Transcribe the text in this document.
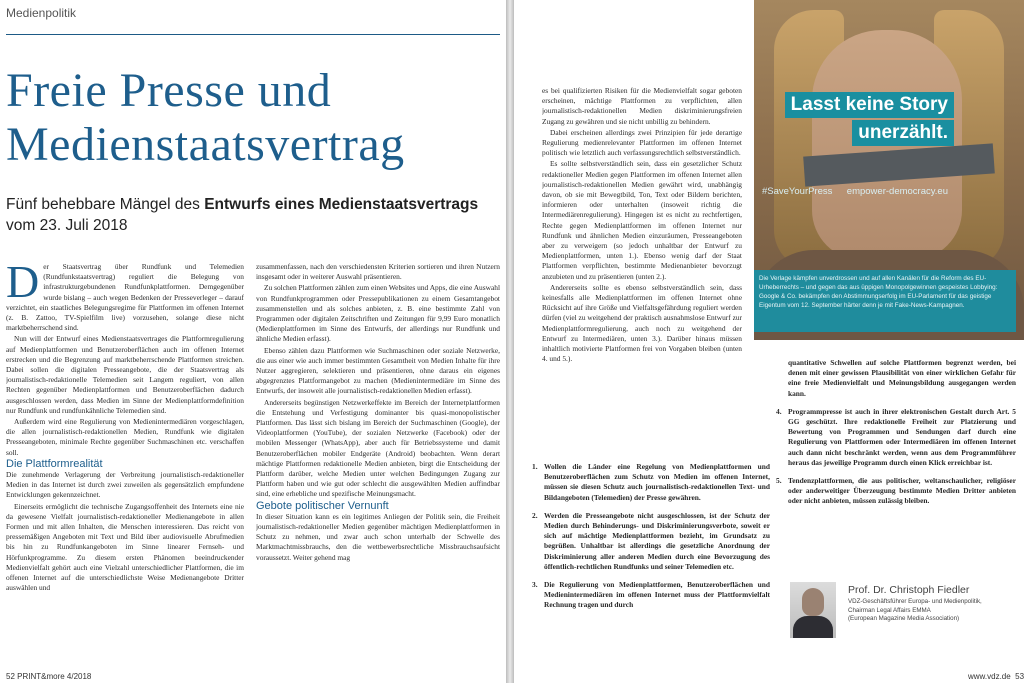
Medienpolitik
Freie Presse und
Medienstaatsvertrag

Fünf behebbare Mängel des Entwurfs eines Medienstaatsvertrags
vom 23. Juli 2018

Der Staatsvertrag über Rundfunk und Telemedien (Rundfunkstaatsvertrag) reguliert die Belegung von infrastrukturgebundenen Rundfunkplattformen. Demgegenüber wurde bislang – auch wegen Bedenken der Presseverleger – darauf verzichtet, ein staatliches Belegungsregime für Plattformen im offenen Internet (z. B. Zattoo, TV-Spielfilm live) vorzusehen, solange diese nicht marktbeherrschend sind.

Nun will der Entwurf eines Medienstaatsvertrages die Plattformregulierung auf Medienplattformen und Benutzeroberflächen auch im offenen Internet erstrecken und die Begrenzung auf marktbeherrschende Plattformen streichen. Dabei sollen die digitalen Presseangebote, die der Staatsvertrag als journalistisch-redaktionelle Telemedien seit Langem reguliert, von allen Rechten gegenüber Medienplattformen und Benutzeroberflächen dadurch ausgeschlossen werden, dass Medien im Sinne der Medienplattformdefinition nur Rundfunk und rundfunkähnliche Telemedien sind.

Außerdem wird eine Regulierung von Medienintermediären vorgeschlagen, die allen journalistisch-redaktionellen Medien, Rundfunk wie digitalen Presseangeboten, minimale Rechte gegenüber Suchmaschinen etc. verschaffen soll.

Die Plattformrealität

Die zunehmende Verlagerung der Verbreitung journalistisch-redaktioneller Medien in das Internet ist durch zwei zuweilen als gegensätzlich empfundene Entwicklungen gekennzeichnet.

Einerseits ermöglicht die technische Zugangsoffenheit des Internets eine nie da gewesene Vielfalt journalistisch-redaktioneller Medienangebote in allen Formen und mit allen Inhalten, die Menschen interessieren. Das reicht von pressemäßigen Angeboten mit Text und Bild über audiovisuelle Abrufmedien bis hin zu Rundfunkangeboten im Sinne linearer Fernseh- und Hörfunkprogramme. Zu diesem ersten Phänomen beeindruckender Medienvielfalt gehört auch eine Vielzahl unterschiedlicher Plattformen, die im offenen Internet auf die unterschiedlichste Weise Medienangebote Dritter auswählen und

zusammenfassen, nach den verschiedensten Kriterien sortieren und ihren Nutzern insgesamt oder in weiterer Auswahl präsentieren.

Zu solchen Plattformen zählen zum einen Websites und Apps, die eine Auswahl von Rundfunkprogrammen oder Pressepublikationen zu einem Gesamtangebot zusammenstellen und als solches anbieten, z. B. eine bestimmte Zahl von Programmen oder digitalen Zeitschriften und Zeitungen für 9,99 Euro monatlich (Medienplattformen im Sinne des Entwurfs, der allerdings nur Rundfunk und ähnliche Medien erfasst).

Ebenso zählen dazu Plattformen wie Suchmaschinen oder soziale Netzwerke, die aus einer wie auch immer bestimmten Gesamtheit von Medien Inhalte für ihre Nutzer aggregieren, selektieren und präsentieren, ohne daraus ein eigenes abgegrenztes Plattformangebot zu machen (Medienintermediäre im Sinne des Entwurfs, der insoweit alle journalistisch-redaktionellen Medien erfasst).

Andererseits begünstigen Netzwerkeffekte im Bereich der Internetplattformen die Entstehung und Verfestigung dominanter bis quasi-monopolistischer Plattformen. Das lässt sich bislang im Bereich der Suchmaschinen (Google), der Videoplattformen (YouTube), der sozialen Netzwerke (Facebook) oder der mobilen Messenger (WhatsApp), aber auch für Betriebssysteme und damit Benutzeroberflächen mobiler Endgeräte (Android) beobachten. Wenn derart mächtige Plattformen redaktionelle Medien anbieten, birgt die Entscheidung der Plattform darüber, welche Medien unter welchen Bedingungen Zugang zur Plattform haben und wie gut oder schlecht die ausgewählten Medien auffindbar sind, eine erhebliche und spezifische Meinungsmacht.

Gebote politischer Vernunft

In dieser Situation kann es ein legitimes Anliegen der Politik sein, die Freiheit journalistisch-redaktioneller Medien gegenüber mächtigen Medienplattformen in Schutz zu nehmen, und zwar auch schon unterhalb der Schwelle des Marktmachtmissbrauchs, den die wettbewerbsrechtliche Missbrauchsaufsicht voraussetzt. Weiter gehend mag

52 PRINT&more 4/2018

es bei qualifizierten Risiken für die Medienvielfalt sogar geboten erscheinen, mächtige Plattformen zu verpflichten, allen journalistisch-redaktionellen Medien diskriminierungsfreien Zugang zu gewähren und sie nicht unbillig zu behindern.

Dabei erscheinen allerdings zwei Prinzipien für jede derartige Regulierung medienrelevanter Plattformen im offenen Internet politisch wie letztlich auch verfassungsrechtlich selbstverständlich.

Es sollte selbstverständlich sein, dass ein gesetzlicher Schutz redaktioneller Medien gegen Plattformen im offenen Internet allen journalistisch-redaktionellen Medien gewährt wird, unabhängig davon, ob sie mit Bewegtbild, Ton, Text oder Bildern berichten, informieren oder unterhalten (insoweit richtig die Intermediärenregulierung). Hingegen ist es nicht zu rechtfertigen, Rechte gegen Medienplattformen im offenen Internet nur Rundfunk und ähnlichen Medien einzuräumen, Presseangeboten aber zu verweigern (so jedoch unhaltbar der Entwurf zu Medienplattformen, unten 1.). Ebenso wenig darf der Staat Plattformen verpflichten, bestimmte Medienanbieter bevorzugt anzubieten und zu präsentieren (unten 2.).

Andererseits sollte es ebenso selbstverständlich sein, dass keinesfalls alle Medienplattformen im offenen Internet ohne Rücksicht auf ihre Größe und Vielfaltsgefährdung reguliert werden dürfen (viel zu weitgehend der praktisch ausnahmslose Entwurf zur Medienplattformregulierung, auch noch zu weitgehend der Entwurf zu Intermediären, unten 3.). Darüber hinaus müssen inhaltlich motivierte Plattformen frei von Vorgaben bleiben (unten 4. und 5.).

1. Wollen die Länder eine Regelung von Medienplattformen und Benutzeroberflächen zum Schutz von Medien im offenen Internet, müssen sie diesen Schutz auch journalistisch-redaktionellen Text- und Bildangeboten (Telemedien) der Presse gewähren.
2. Werden die Presseangebote nicht ausgeschlossen, ist der Schutz der Medien durch Behinderungs- und Diskriminierungsverbote, soweit er sich auf mächtige Medienplattformen bezieht, im Grundsatz zu begrüßen. Unhaltbar ist allerdings die gesetzliche Anordnung der Diskriminierung aller anderen Medien durch eine Bevorzugung des öffentlich-rechtlichen Rundfunks und seiner Telemedien etc.
3. Die Regulierung von Medienplattformen, Benutzeroberflächen und Medienintermediären im offenen Internet muss der Plattformvielfalt Rechnung tragen und durch
Lasst keine Story
unerzählt.
#SaveYourPress empower-democracy.eu
Die Verlage kämpfen unverdrossen und auf allen Kanälen für die Reform des EU-Urheberrechts – und gegen das aus üppigen Monopolgewinnen gespeistes Lobbying: Google & Co. bekämpfen den Abstimmungserfolg im EU-Parlament für das geistige Eigentum vom 12. September härter denn je mit Fake-News-Kampagnen.
quantitative Schwellen auf solche Plattformen begrenzt werden, bei denen mit einer gewissen Plausibilität von einer wirklichen Gefahr für eine freie Medienvielfalt und Meinungsbildung ausgegangen werden kann.
4. Programmpresse ist auch in ihrer elektronischen Gestalt durch Art. 5 GG geschützt. Ihre redaktionelle Freiheit zur Platzierung und Bewertung von Programmen und Sendungen darf durch eine Regulierung von Plattformen oder Intermediären im offenen Internet auch dann nicht beschränkt werden, wenn aus dem Programmführer heraus das jeweilige Programm durch einen Klick erreichbar ist.
5. Tendenzplattformen, die aus politischer, weltanschaulicher, religiöser oder anderweitiger Überzeugung bestimmte Medien Dritter anbieten oder nicht anbieten, müssen zulässig bleiben.
Prof. Dr. Christoph Fiedler
VDZ-Geschäftsführer Europa- und Medienpolitik,
Chairman Legal Affairs EMMA
(European Magazine Media Association)
www.vdz.de 53
